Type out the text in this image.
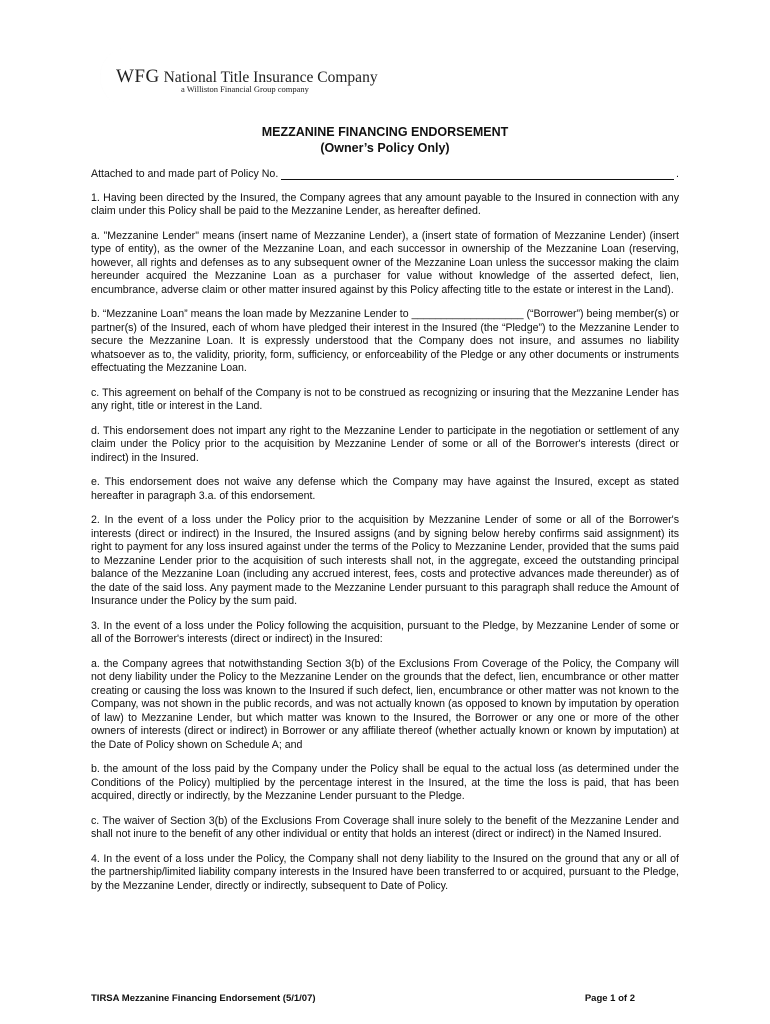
WFG National Title Insurance Company
a Williston Financial Group company
MEZZANINE FINANCING ENDORSEMENT
(Owner’s Policy Only)

Attached to and made part of Policy No.	.

1. Having been directed by the Insured, the Company agrees that any amount payable to the Insured in connection with any claim under this Policy shall be paid to the Mezzanine Lender, as hereafter defined.

a. "Mezzanine Lender" means (insert name of Mezzanine Lender), a (insert state of formation of Mezzanine Lender) (insert type of entity), as the owner of the Mezzanine Loan, and each successor in ownership of the Mezzanine Loan (reserving, however, all rights and defenses as to any subsequent owner of the Mezzanine Loan unless the successor making the claim hereunder acquired the Mezzanine Loan as a purchaser for value without knowledge of the asserted defect, lien, encumbrance, adverse claim or other matter insured against by this Policy affecting title to the estate or interest in the Land).

b. “Mezzanine Loan” means the loan made by Mezzanine Lender to ___________________ (“Borrower”) being member(s) or partner(s) of the Insured, each of whom have pledged their interest in the Insured (the “Pledge”) to the Mezzanine Lender to secure the Mezzanine Loan. It is expressly understood that the Company does not insure, and assumes no liability whatsoever as to, the validity, priority, form, sufficiency, or enforceability of the Pledge or any other documents or instruments effectuating the Mezzanine Loan.

c. This agreement on behalf of the Company is not to be construed as recognizing or insuring that the Mezzanine Lender has any right, title or interest in the Land.

d. This endorsement does not impart any right to the Mezzanine Lender to participate in the negotiation or settlement of any claim under the Policy prior to the acquisition by Mezzanine Lender of some or all of the Borrower's interests (direct or indirect) in the Insured.

e. This endorsement does not waive any defense which the Company may have against the Insured, except as stated hereafter in paragraph 3.a. of this endorsement.

2. In the event of a loss under the Policy prior to the acquisition by Mezzanine Lender of some or all of the Borrower's interests (direct or indirect) in the Insured, the Insured assigns (and by signing below hereby confirms said assignment) its right to payment for any loss insured against under the terms of the Policy to Mezzanine Lender, provided that the sums paid to Mezzanine Lender prior to the acquisition of such interests shall not, in the aggregate, exceed the outstanding principal balance of the Mezzanine Loan (including any accrued interest, fees, costs and protective advances made thereunder) as of the date of the said loss. Any payment made to the Mezzanine Lender pursuant to this paragraph shall reduce the Amount of Insurance under the Policy by the sum paid.

3. In the event of a loss under the Policy following the acquisition, pursuant to the Pledge, by Mezzanine Lender of some or all of the Borrower's interests (direct or indirect) in the Insured:

a. the Company agrees that notwithstanding Section 3(b) of the Exclusions From Coverage of the Policy, the Company will not deny liability under the Policy to the Mezzanine Lender on the grounds that the defect, lien, encumbrance or other matter creating or causing the loss was known to the Insured if such defect, lien, encumbrance or other matter was not known to the Company, was not shown in the public records, and was not actually known (as opposed to known by imputation by operation of law) to Mezzanine Lender, but which matter was known to the Insured, the Borrower or any one or more of the other owners of interests (direct or indirect) in Borrower or any affiliate thereof (whether actually known or known by imputation) at the Date of Policy shown on Schedule A; and

b. the amount of the loss paid by the Company under the Policy shall be equal to the actual loss (as determined under the Conditions of the Policy) multiplied by the percentage interest in the Insured, at the time the loss is paid, that has been acquired, directly or indirectly, by the Mezzanine Lender pursuant to the Pledge.

c. The waiver of Section 3(b) of the Exclusions From Coverage shall inure solely to the benefit of the Mezzanine Lender and shall not inure to the benefit of any other individual or entity that holds an interest (direct or indirect) in the Named Insured.

4. In the event of a loss under the Policy, the Company shall not deny liability to the Insured on the ground that any or all of the partnership/limited liability company interests in the Insured have been transferred to or acquired, pursuant to the Pledge, by the Mezzanine Lender, directly or indirectly, subsequent to Date of Policy.

TIRSA Mezzanine Financing Endorsement (5/1/07)	Page 1 of 2
